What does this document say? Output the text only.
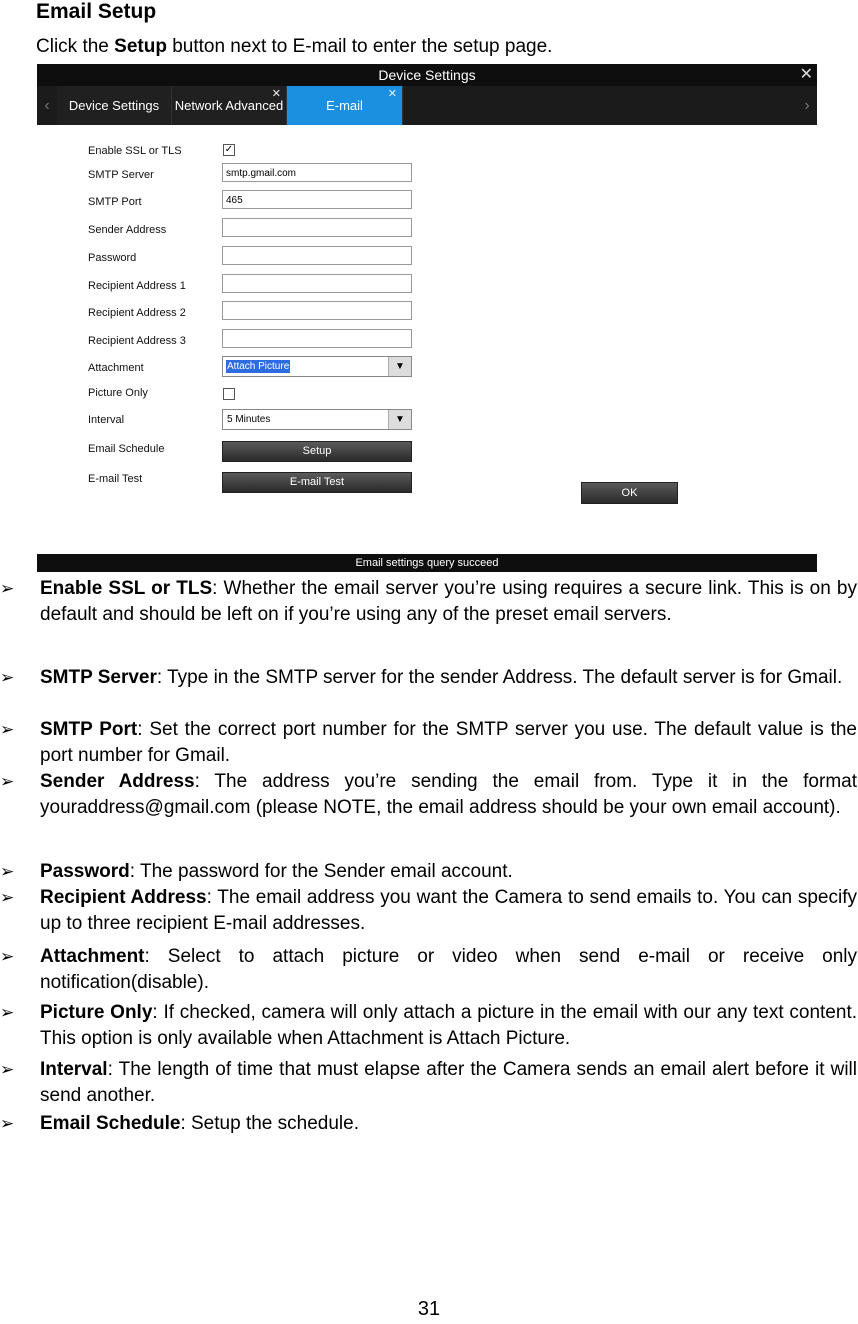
Email Setup
Click the Setup button next to E-mail to enter the setup page.
Device Settings	✕
‹	Device Settings	Network Advanced
✕
E-mail
✕
›
Enable SSL or TLS	✓
SMTP Server	smtp.gmail.com
SMTP Port	465
Sender Address
Password
Recipient Address 1
Recipient Address 2
Recipient Address 3
Attachment	Attach Picture	▼
Picture Only
Interval	5 Minutes	▼
Email Schedule	Setup
E-mail Test	E-mail Test
OK
Email settings query succeed
Enable SSL or TLS: Whether the email server you’re using requires a secure link. This is on by default and should be left on if you’re using any of the preset email servers.
➢
SMTP Server: Type in the SMTP server for the sender Address. The default server is for Gmail.
➢
SMTP Port: Set the correct port number for the SMTP server you use. The default value is the port number for Gmail.
➢
Sender Address: The address you’re sending the email from. Type it in the format youraddress@gmail.com (please NOTE, the email address should be your own email account).
➢
Password: The password for the Sender email account.
➢
Recipient Address: The email address you want the Camera to send emails to. You can specify up to three recipient E-mail addresses.
➢
Attachment: Select to attach picture or video when send e-mail or receive only notification(disable).
➢
Picture Only: If checked, camera will only attach a picture in the email with our any text content. This option is only available when Attachment is Attach Picture.
➢
Interval: The length of time that must elapse after the Camera sends an email alert before it will send another.
➢
Email Schedule: Setup the schedule.
➢
31
